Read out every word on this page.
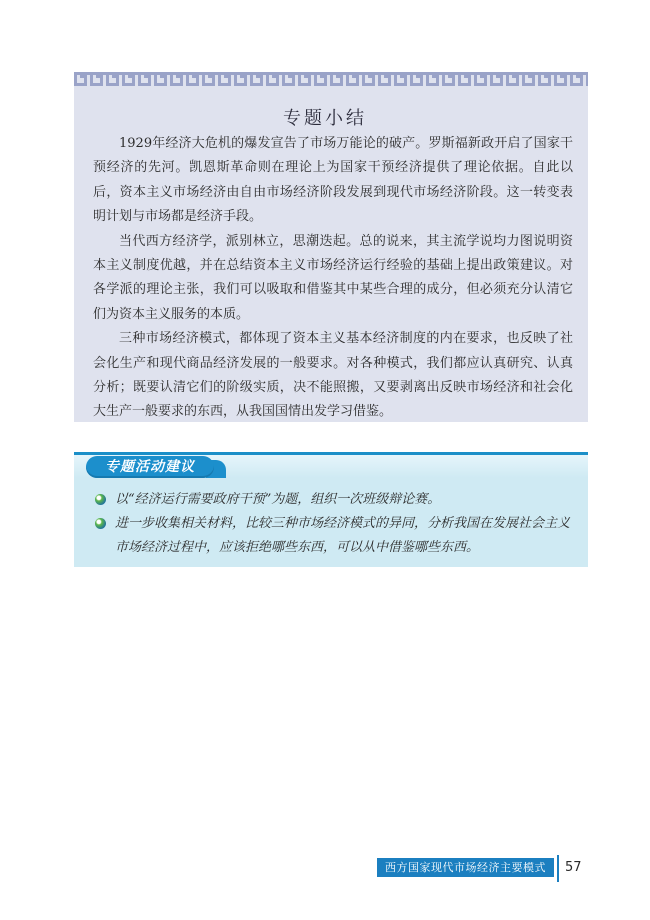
专题小结

1929年经济大危机的爆发宣告了市场万能论的破产。罗斯福新政开启了国家干预经济的先河。凯恩斯革命则在理论上为国家干预经济提供了理论依据。自此以后，资本主义市场经济由自由市场经济阶段发展到现代市场经济阶段。这一转变表明计划与市场都是经济手段。

当代西方经济学，派别林立，思潮迭起。总的说来，其主流学说均力图说明资本主义制度优越，并在总结资本主义市场经济运行经验的基础上提出政策建议。对各学派的理论主张，我们可以吸取和借鉴其中某些合理的成分，但必须充分认清它们为资本主义服务的本质。

三种市场经济模式，都体现了资本主义基本经济制度的内在要求，也反映了社会化生产和现代商品经济发展的一般要求。对各种模式，我们都应认真研究、认真分析；既要认清它们的阶级实质，决不能照搬，又要剥离出反映市场经济和社会化大生产一般要求的东西，从我国国情出发学习借鉴。

专题活动建议
以“经济运行需要政府干预”为题，组织一次班级辩论赛。
进一步收集相关材料，比较三种市场经济模式的异同，分析我国在发展社会主义市场经济过程中，应该拒绝哪些东西，可以从中借鉴哪些东西。
西方国家现代市场经济主要模式	57
